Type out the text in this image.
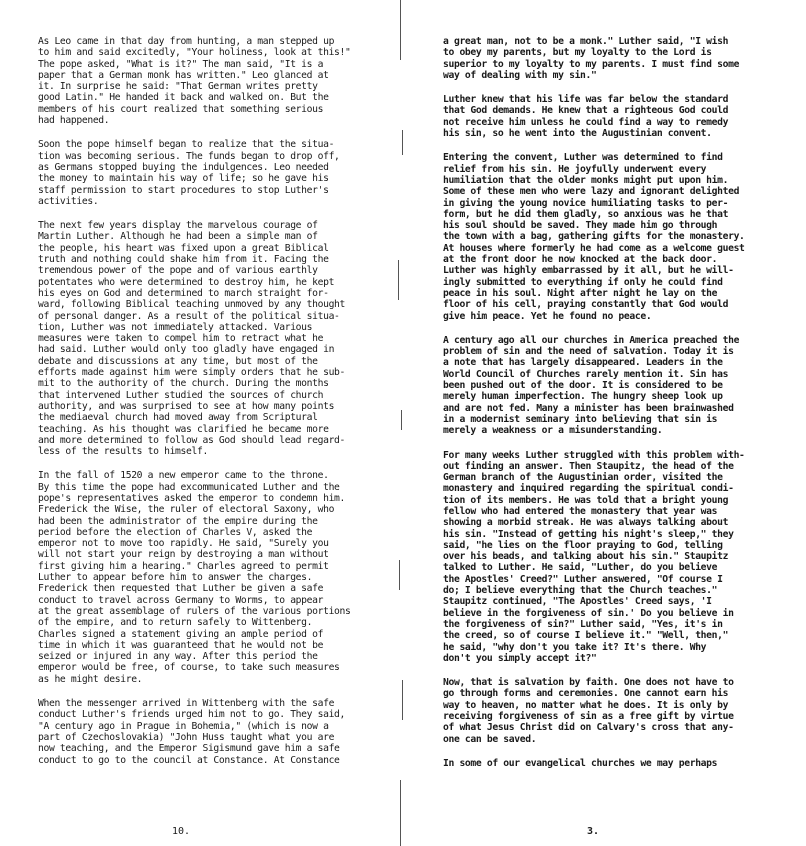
As Leo came in that day from hunting, a man stepped up
to him and said excitedly, "Your holiness, look at this!"
The pope asked, "What is it?" The man said, "It is a
paper that a German monk has written." Leo glanced at
it. In surprise he said: "That German writes pretty
good Latin." He handed it back and walked on. But the
members of his court realized that something serious
had happened.

Soon the pope himself began to realize that the situa-
tion was becoming serious. The funds began to drop off,
as Germans stopped buying the indulgences. Leo needed
the money to maintain his way of life; so he gave his
staff permission to start procedures to stop Luther's
activities.

The next few years display the marvelous courage of
Martin Luther. Although he had been a simple man of
the people, his heart was fixed upon a great Biblical
truth and nothing could shake him from it. Facing the
tremendous power of the pope and of various earthly
potentates who were determined to destroy him, he kept
his eyes on God and determined to march straight for-
ward, following Biblical teaching unmoved by any thought
of personal danger. As a result of the political situa-
tion, Luther was not immediately attacked. Various
measures were taken to compel him to retract what he
had said. Luther would only too gladly have engaged in
debate and discussions at any time, but most of the
efforts made against him were simply orders that he sub-
mit to the authority of the church. During the months
that intervened Luther studied the sources of church
authority, and was surprised to see at how many points
the mediaeval church had moved away from Scriptural
teaching. As his thought was clarified he became more
and more determined to follow as God should lead regard-
less of the results to himself.

In the fall of 1520 a new emperor came to the throne.
By this time the pope had excommunicated Luther and the
pope's representatives asked the emperor to condemn him.
Frederick the Wise, the ruler of electoral Saxony, who
had been the administrator of the empire during the
period before the election of Charles V, asked the
emperor not to move too rapidly. He said, "Surely you
will not start your reign by destroying a man without
first giving him a hearing." Charles agreed to permit
Luther to appear before him to answer the charges.
Frederick then requested that Luther be given a safe
conduct to travel across Germany to Worms, to appear
at the great assemblage of rulers of the various portions
of the empire, and to return safely to Wittenberg.
Charles signed a statement giving an ample period of
time in which it was guaranteed that he would not be
seized or injured in any way. After this period the
emperor would be free, of course, to take such measures
as he might desire.

When the messenger arrived in Wittenberg with the safe
conduct Luther's friends urged him not to go. They said,
"A century ago in Prague in Bohemia," (which is now a
part of Czechoslovakia) "John Huss taught what you are
now teaching, and the Emperor Sigismund gave him a safe
conduct to go to the council at Constance. At Constance

10.

a great man, not to be a monk." Luther said, "I wish
to obey my parents, but my loyalty to the Lord is
superior to my loyalty to my parents. I must find some
way of dealing with my sin."

Luther knew that his life was far below the standard
that God demands. He knew that a righteous God could
not receive him unless he could find a way to remedy
his sin, so he went into the Augustinian convent.

Entering the convent, Luther was determined to find
relief from his sin. He joyfully underwent every
humiliation that the older monks might put upon him.
Some of these men who were lazy and ignorant delighted
in giving the young novice humiliating tasks to per-
form, but he did them gladly, so anxious was he that
his soul should be saved. They made him go through
the town with a bag, gathering gifts for the monastery.
At houses where formerly he had come as a welcome guest
at the front door he now knocked at the back door.
Luther was highly embarrassed by it all, but he will-
ingly submitted to everything if only he could find
peace in his soul. Night after night he lay on the
floor of his cell, praying constantly that God would
give him peace. Yet he found no peace.

A century ago all our churches in America preached the
problem of sin and the need of salvation. Today it is
a note that has largely disappeared. Leaders in the
World Council of Churches rarely mention it. Sin has
been pushed out of the door. It is considered to be
merely human imperfection. The hungry sheep look up
and are not fed. Many a minister has been brainwashed
in a modernist seminary into believing that sin is
merely a weakness or a misunderstanding.

For many weeks Luther struggled with this problem with-
out finding an answer. Then Staupitz, the head of the
German branch of the Augustinian order, visited the
monastery and inquired regarding the spiritual condi-
tion of its members. He was told that a bright young
fellow who had entered the monastery that year was
showing a morbid streak. He was always talking about
his sin. "Instead of getting his night's sleep," they
said, "he lies on the floor praying to God, telling
over his beads, and talking about his sin." Staupitz
talked to Luther. He said, "Luther, do you believe
the Apostles' Creed?" Luther answered, "Of course I
do; I believe everything that the Church teaches."
Staupitz continued, "The Apostles' Creed says, 'I
believe in the forgiveness of sin.' Do you believe in
the forgiveness of sin?" Luther said, "Yes, it's in
the creed, so of course I believe it." "Well, then,"
he said, "why don't you take it? It's there. Why
don't you simply accept it?"

Now, that is salvation by faith. One does not have to
go through forms and ceremonies. One cannot earn his
way to heaven, no matter what he does. It is only by
receiving forgiveness of sin as a free gift by virtue
of what Jesus Christ did on Calvary's cross that any-
one can be saved.

In some of our evangelical churches we may perhaps

3.
